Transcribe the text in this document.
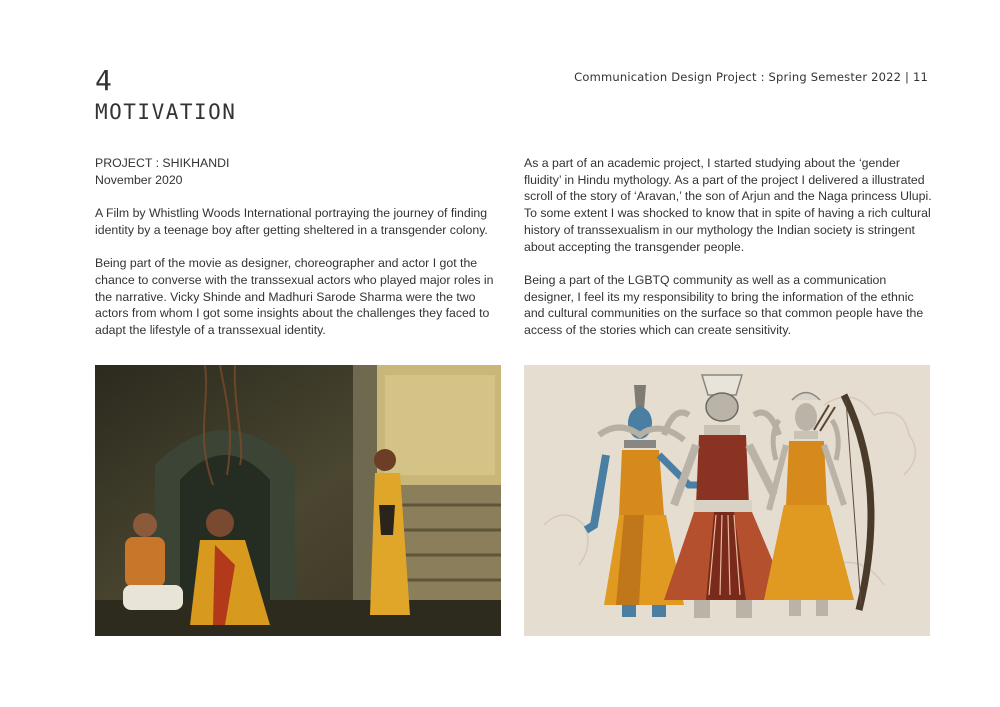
Communication Design Project : Spring Semester 2022 | 11
4
MOTIVATION

PROJECT : SHIKHANDI

November 2020

A Film by Whistling Woods International portraying the journey of finding identity by a teenage boy after getting sheltered in a transgender colony.

Being part of the movie as designer, choreographer and actor I got the chance to converse with the transsexual actors who played major roles in the narrative. Vicky Shinde and Madhuri Sarode Sharma were the two actors from whom I got some insights about the challenges they faced to adapt the lifestyle of a transsexual identity.

As a part of an academic project, I started studying about the ‘gender fluidity’ in Hindu mythology. As a part of the project I delivered a illustrated scroll of the story of ‘Aravan,’ the son of Arjun and the Naga princess Ulupi. To some extent I was shocked to know that in spite of having a rich cultural history of transsexualism in our mythology the Indian society is stringent about accepting the transgender people.

Being a part of the LGBTQ community as well as a communication designer, I feel its my responsibility to bring the information of the ethnic and cultural communities on the surface so that common people have the access of the stories which can create sensitivity.
